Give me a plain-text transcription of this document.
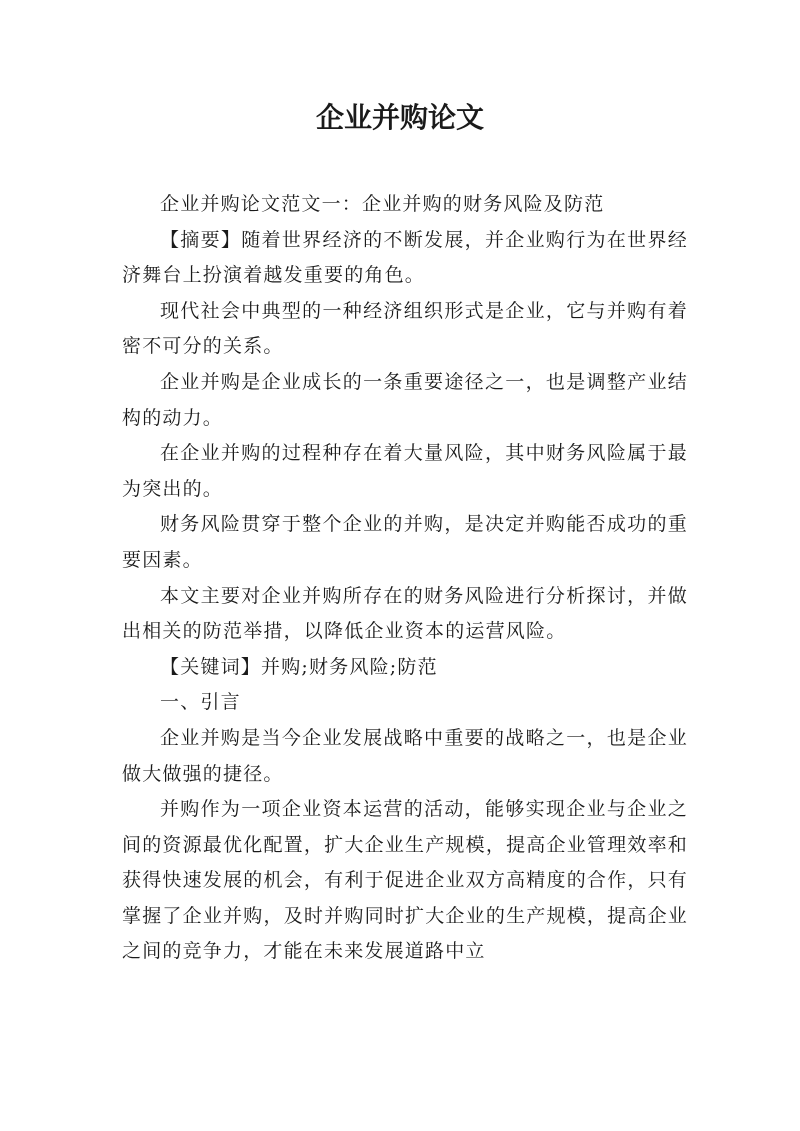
企业并购论文

企业并购论文范文一：企业并购的财务风险及防范

【摘要】随着世界经济的不断发展，并企业购行为在世界经济舞台上扮演着越发重要的角色。

现代社会中典型的一种经济组织形式是企业，它与并购有着密不可分的关系。

企业并购是企业成长的一条重要途径之一，也是调整产业结构的动力。

在企业并购的过程种存在着大量风险，其中财务风险属于最为突出的。

财务风险贯穿于整个企业的并购，是决定并购能否成功的重要因素。

本文主要对企业并购所存在的财务风险进行分析探讨，并做出相关的防范举措，以降低企业资本的运营风险。

【关键词】并购;财务风险;防范

一、引言

企业并购是当今企业发展战略中重要的战略之一，也是企业做大做强的捷径。

并购作为一项企业资本运营的活动，能够实现企业与企业之间的资源最优化配置，扩大企业生产规模，提高企业管理效率和获得快速发展的机会，有利于促进企业双方高精度的合作，只有掌握了企业并购，及时并购同时扩大企业的生产规模，提高企业之间的竞争力，才能在未来发展道路中立
